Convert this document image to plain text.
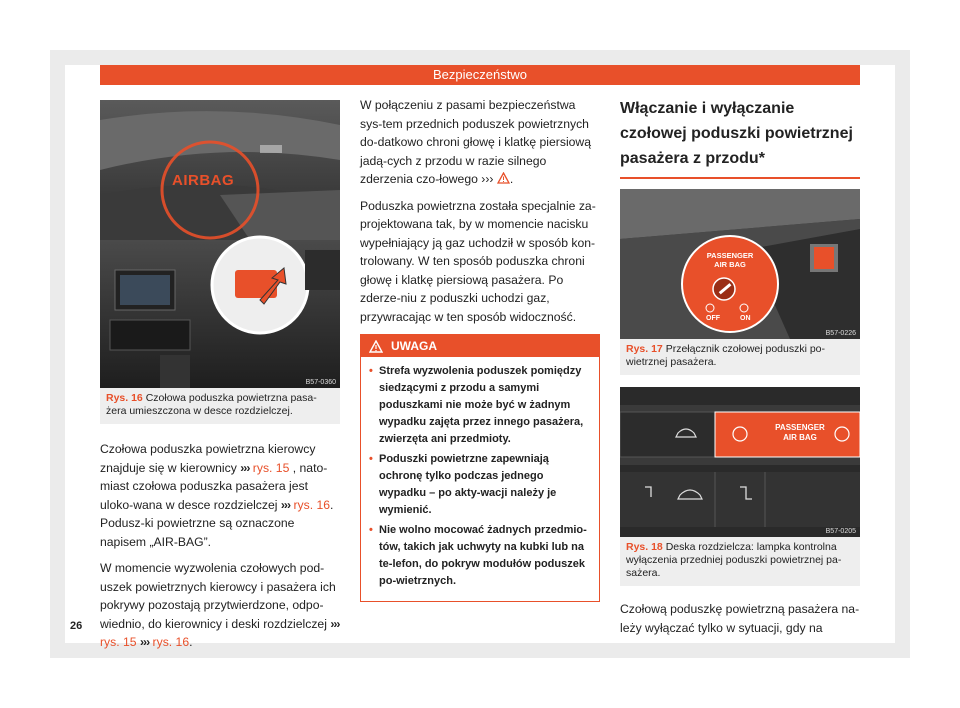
Bezpieczeństwo
AIRBAG
B57-0360
Rys. 16 Czołowa poduszka powietrzna pasa-żera umieszczona w desce rozdzielczej.

Czołowa poduszka powietrzna kierowcy znajduje się w kierownicy ››› rys. 15 , nato-miast czołowa poduszka pasażera jest uloko-wana w desce rozdzielczej ››› rys. 16. Podusz-ki powietrzne są oznaczone napisem „AIR-BAG”.

W momencie wyzwolenia czołowych pod-uszek powietrznych kierowcy i pasażera ich pokrywy pozostają przytwierdzone, odpo-wiednio, do kierownicy i deski rozdzielczej ››› rys. 15 ››› rys. 16.

W połączeniu z pasami bezpieczeństwa sys-tem przednich poduszek powietrznych do-datkowo chroni głowę i klatkę piersiową jadą-cych z przodu w razie silnego zderzenia czo-łowego ››› .

Poduszka powietrzna została specjalnie za-projektowana tak, by w momencie nacisku wypełniający ją gaz uchodził w sposób kon-trolowany. W ten sposób poduszka chroni głowę i klatkę piersiową pasażera. Po zderze-niu z poduszki uchodzi gaz, przywracając w ten sposób widoczność.

UWAGA
• Strefa wyzwolenia poduszek pomiędzy siedzącymi z przodu a samymi poduszkami nie może być w żadnym wypadku zajęta przez innego pasażera, zwierzęta ani przedmioty.
• Poduszki powietrzne zapewniają ochronę tylko podczas jednego wypadku – po akty-wacji należy je wymienić.
• Nie wolno mocować żadnych przedmio-tów, takich jak uchwyty na kubki lub na te-lefon, do pokryw modułów poduszek po-wietrznych.
Włączanie i wyłączanie czołowej poduszki powietrznej pasażera z przodu*
PASSENGER
AIR BAG
OFF	ON
B57-0226
Rys. 17 Przełącznik czołowej poduszki po-wietrznej pasażera.
PASSENGER
AIR BAG
B57-0205
Rys. 18 Deska rozdzielcza: lampka kontrolna wyłączenia przedniej poduszki powietrznej pa-sażera.

Czołową poduszkę powietrzną pasażera na-leży wyłączać tylko w sytuacji, gdy na

26
